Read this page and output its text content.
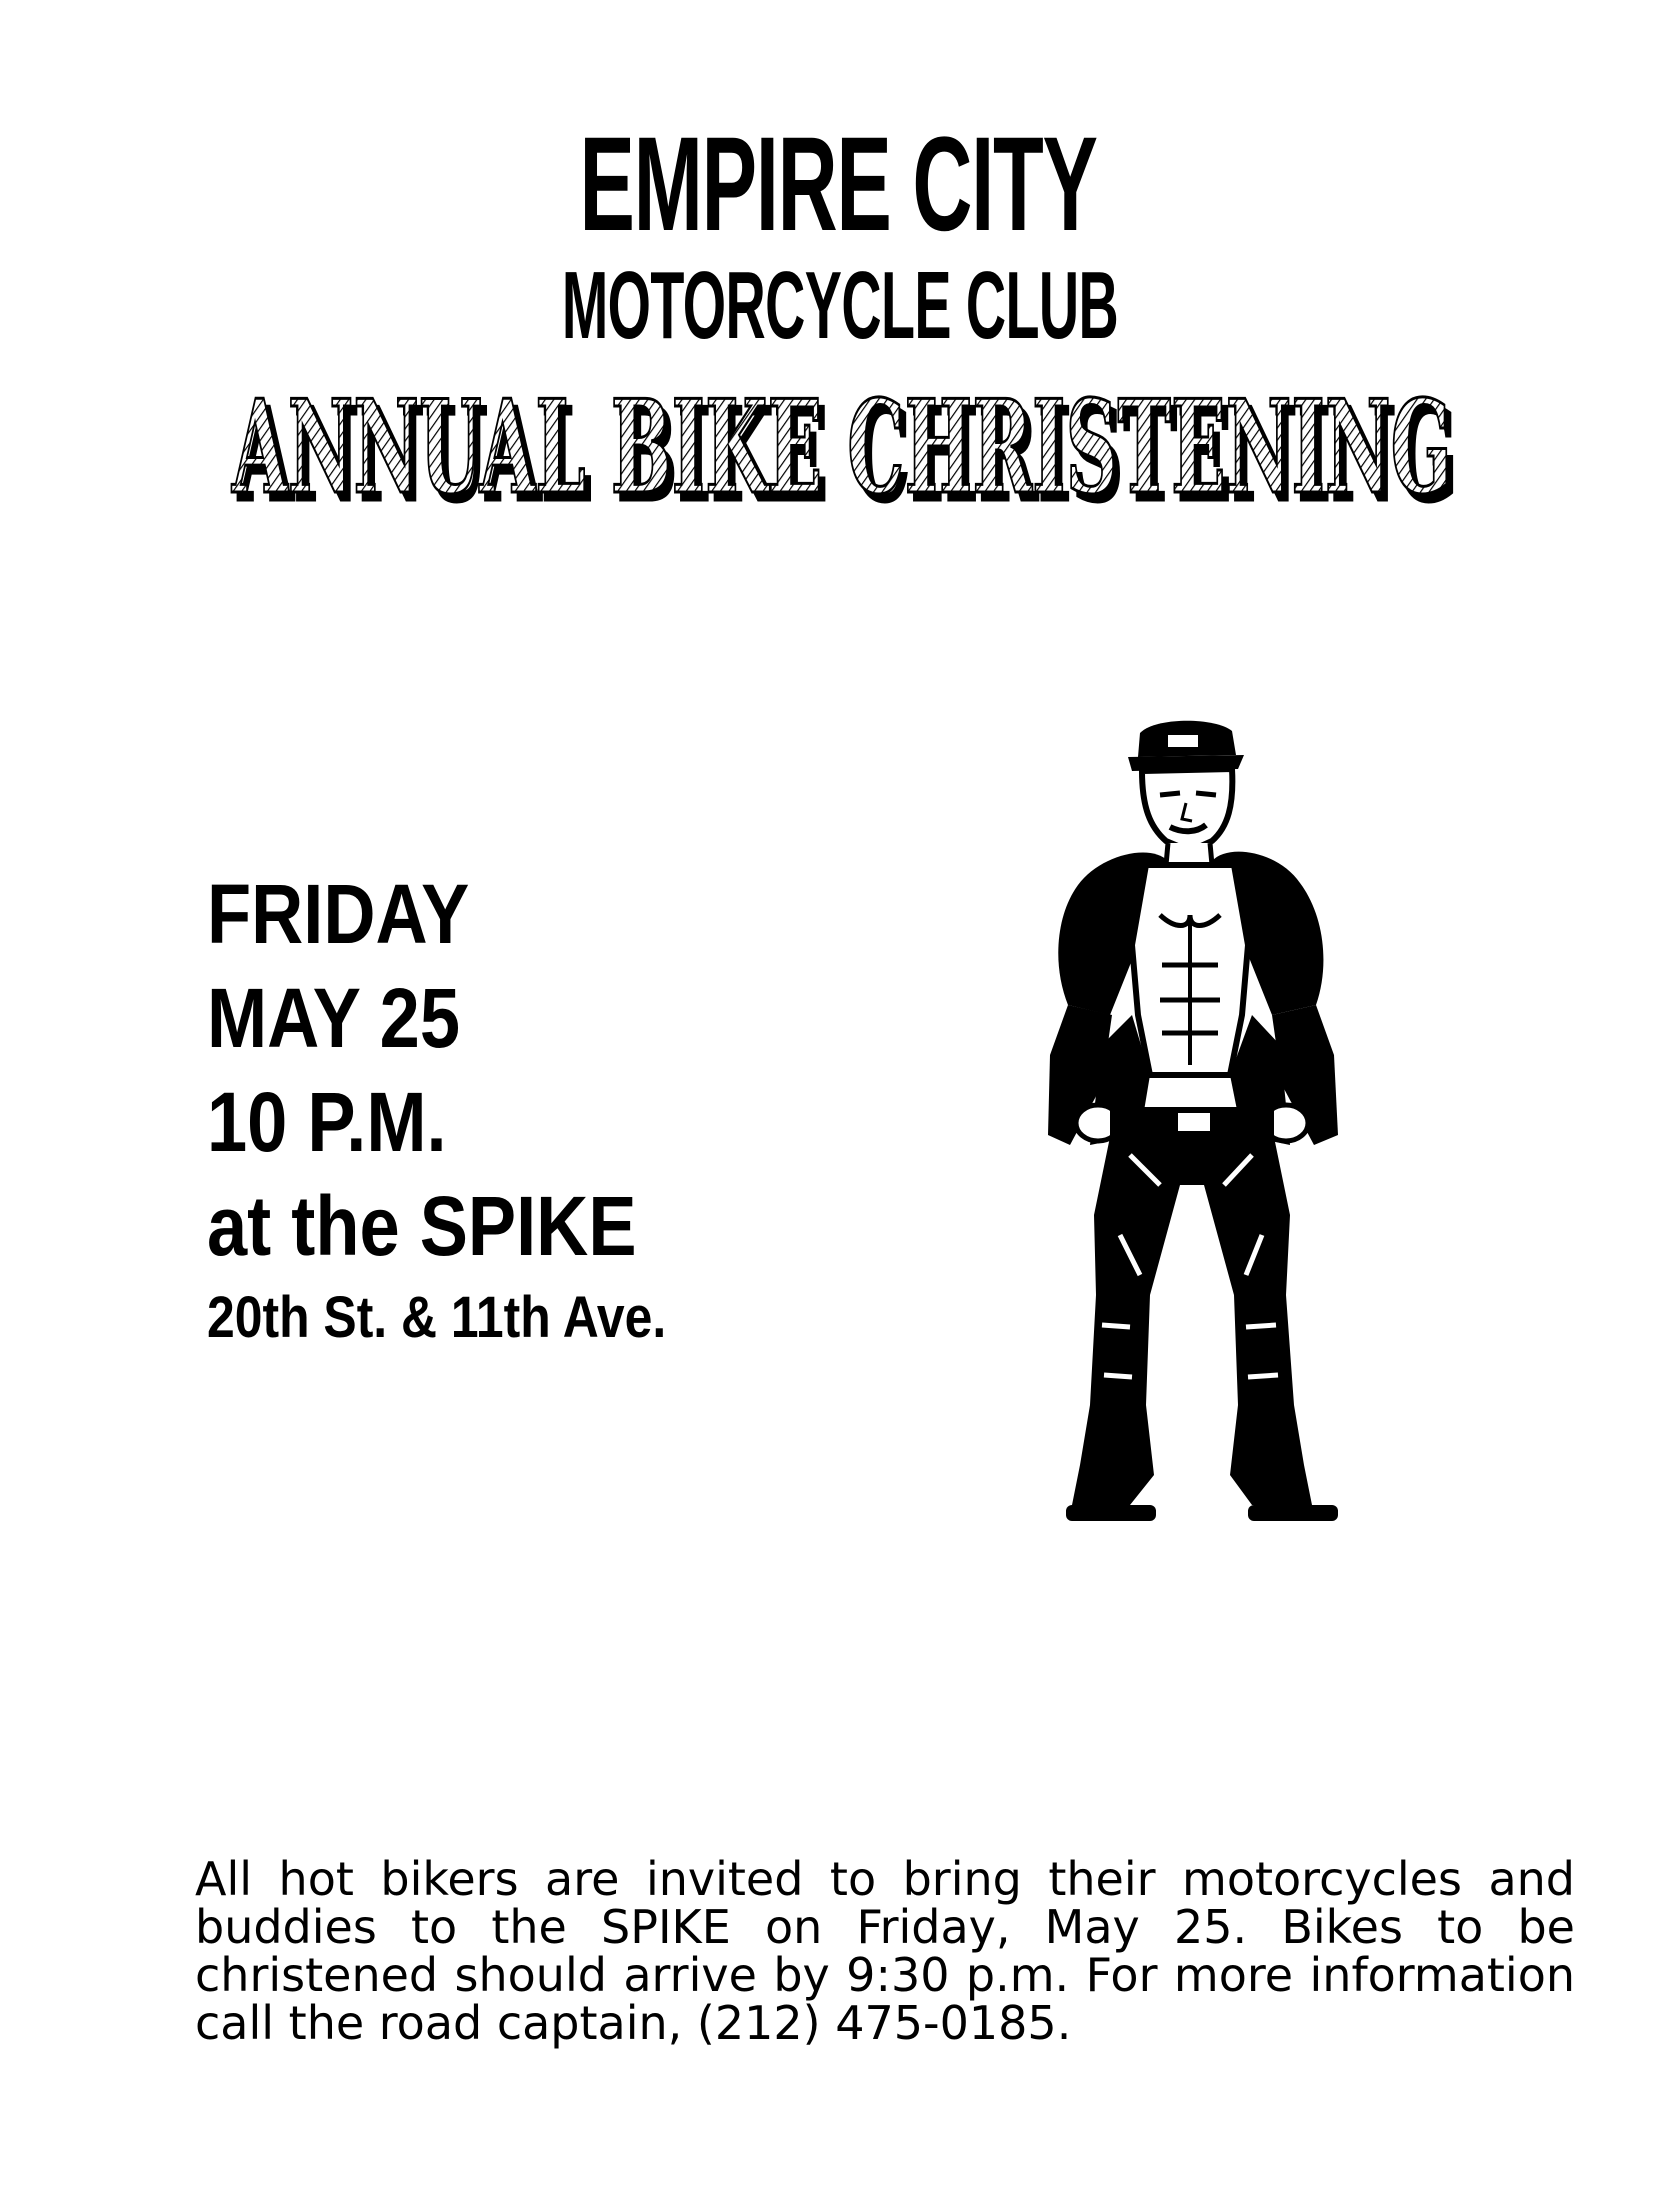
EMPIRE CITY
MOTORCYCLE CLUB
ANNUAL BIKE CHRISTENING
ANNUAL BIKE CHRISTENING
FRIDAY
MAY 25
10 P.M.
at the SPIKE
20th St. & 11th Ave.
All hot bikers are invited to bring their motorcycles and
buddies to the SPIKE on Friday, May 25. Bikes to be
christened should arrive by 9:30 p.m. For more information
call the road captain, (212) 475-0185.
